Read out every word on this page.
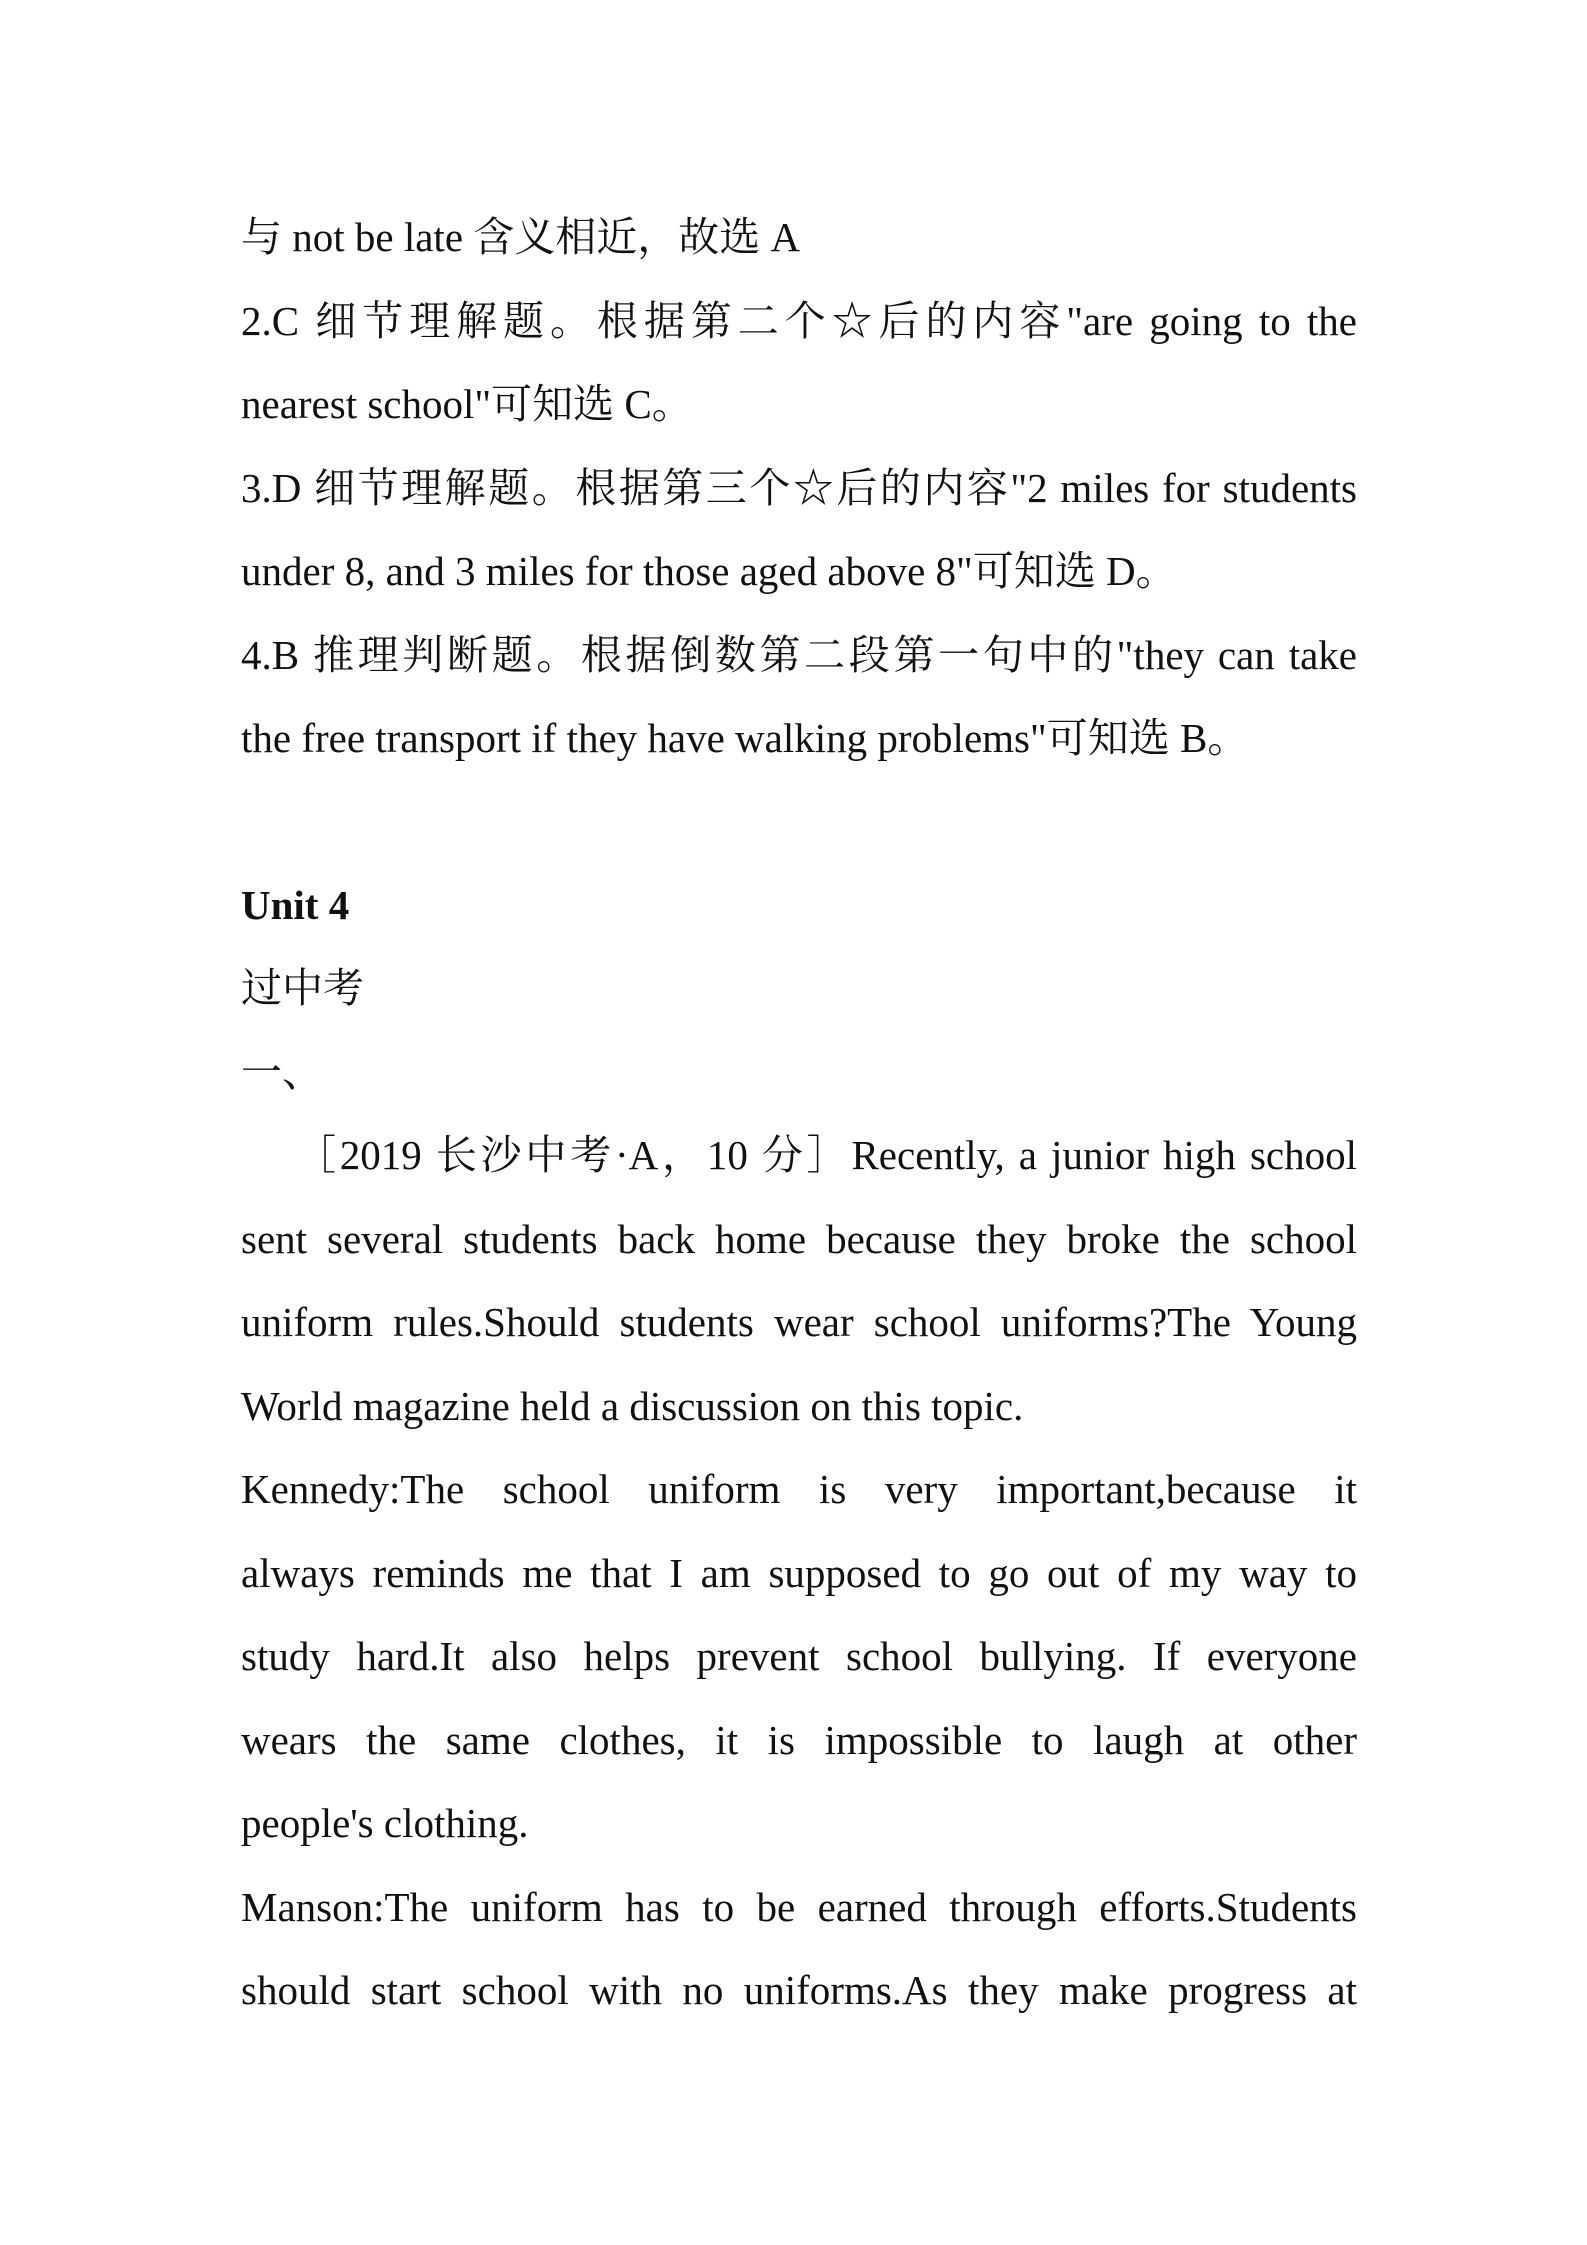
与 not be late 含义相近，故选 A
2.C 细节理解题。根据第二个☆后的内容"are going to the
nearest school"可知选 C。
3.D 细节理解题。根据第三个☆后的内容"2 miles for students
under 8, and 3 miles for those aged above 8"可知选 D。
4.B 推理判断题。根据倒数第二段第一句中的"they can take
the free transport if they have walking problems"可知选 B。
Unit 4
过中考
一、
［2019 长沙中考·A，10 分］Recently, a junior high school
sent several students back home because they broke the school
uniform rules.Should students wear school uniforms?The Young
World magazine held a discussion on this topic.
Kennedy:The school uniform is very important,because it
always reminds me that I am supposed to go out of my way to
study hard.It also helps prevent school bullying. If everyone
wears the same clothes, it is impossible to laugh at other
people's clothing.
Manson:The uniform has to be earned through efforts.Students
should start school with no uniforms.As they make progress at
